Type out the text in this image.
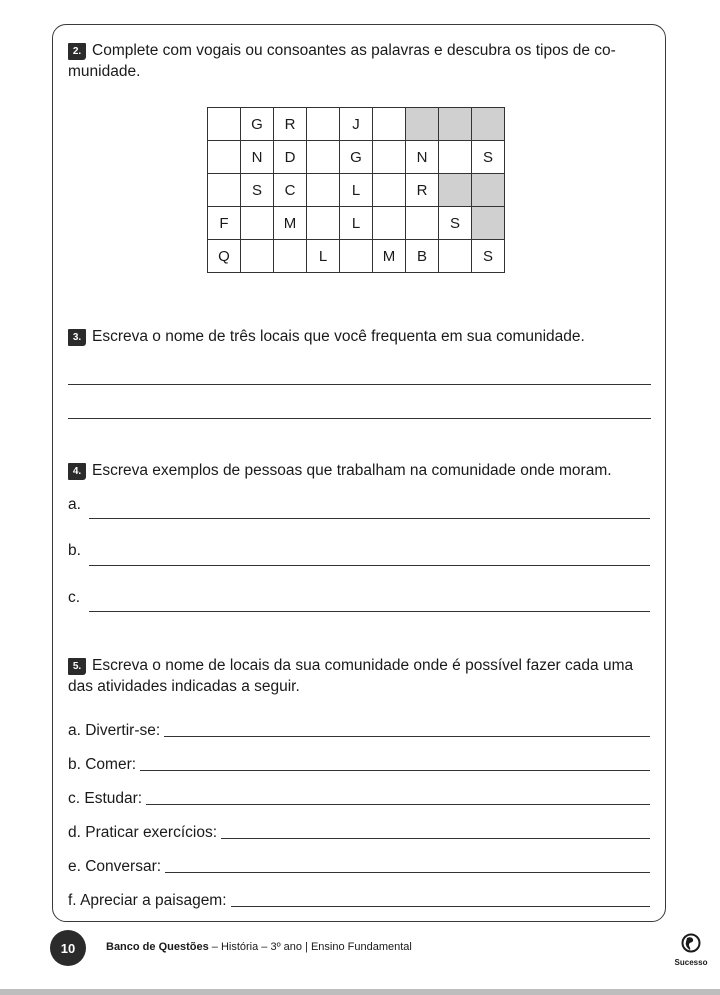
2. Complete com vogais ou consoantes as palavras e descubra os tipos de co-munidade.
	G	R		J				
	N	D		G		N		S
	S	C		L		R		
F		M		L			S	
Q			L		M	B		S
3. Escreva o nome de três locais que você frequenta em sua comunidade.
4. Escreva exemplos de pessoas que trabalham na comunidade onde moram.
a.
b.
c.
5. Escreva o nome de locais da sua comunidade onde é possível fazer cada uma das atividades indicadas a seguir.
a. Divertir-se:
b. Comer:
c. Estudar:
d. Praticar exercícios:
e. Conversar:
f. Apreciar a paisagem:
10	Banco de Questões – História – 3º ano | Ensino Fundamental
Sucesso
